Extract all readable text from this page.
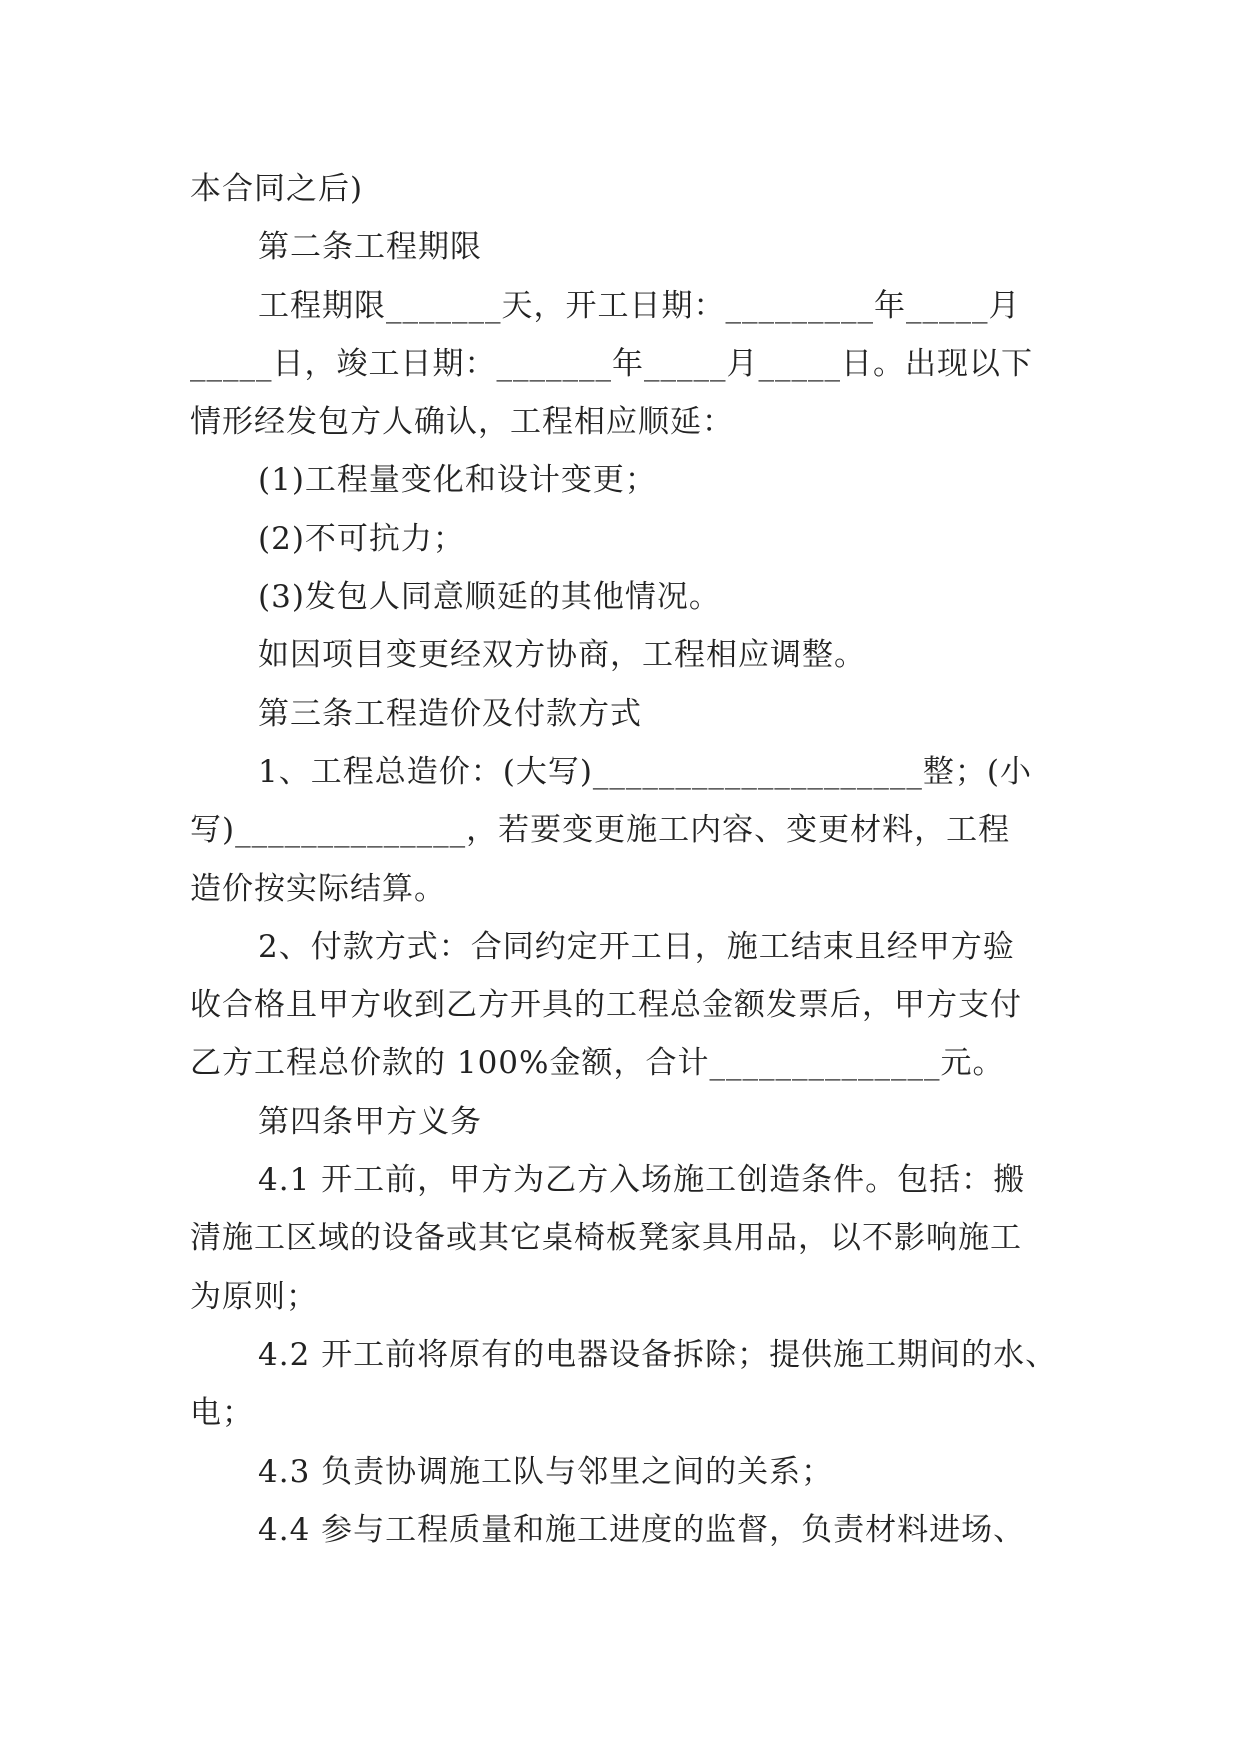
本合同之后)
第二条工程期限
工程期限_______天，开工日期：_________年_____月
_____日，竣工日期：_______年_____月_____日。出现以下
情形经发包方人确认，工程相应顺延：
(1)工程量变化和设计变更；
(2)不可抗力；
(3)发包人同意顺延的其他情况。
如因项目变更经双方协商，工程相应调整。
第三条工程造价及付款方式
1、工程总造价：(大写)____________________整；(小
写)______________，若要变更施工内容、变更材料，工程
造价按实际结算。
2、付款方式：合同约定开工日，施工结束且经甲方验
收合格且甲方收到乙方开具的工程总金额发票后，甲方支付
乙方工程总价款的 100%金额，合计______________元。
第四条甲方义务
4.1 开工前，甲方为乙方入场施工创造条件。包括：搬
清施工区域的设备或其它桌椅板凳家具用品，以不影响施工
为原则；
4.2 开工前将原有的电器设备拆除；提供施工期间的水、
电；
4.3 负责协调施工队与邻里之间的关系；
4.4 参与工程质量和施工进度的监督，负责材料进场、
